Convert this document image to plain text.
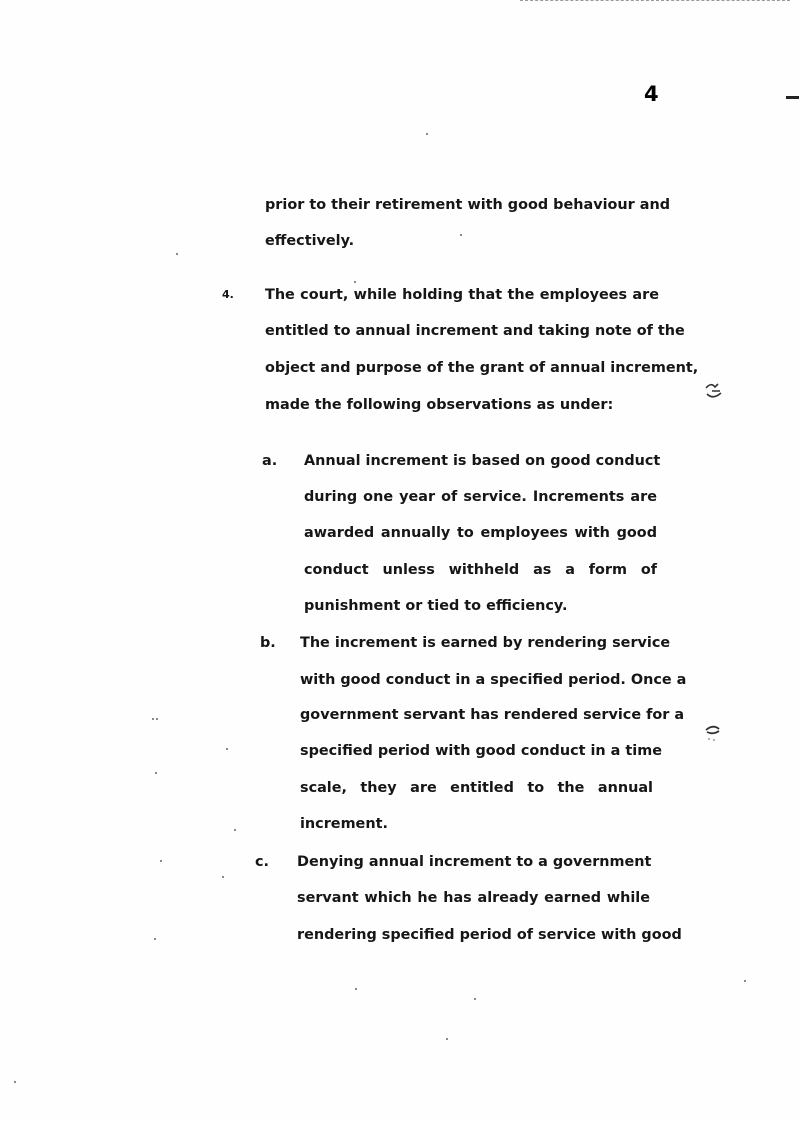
4
prior to their retirement with good behaviour and
effectively.
4. The court, while holding that the employees are
entitled to annual increment and taking note of the
object and purpose of the grant of annual increment,
made the following observations as under:
a. Annual increment is based on good conduct
during one year of service. Increments are
awarded annually to employees with good
conduct unless withheld as a form of
punishment or tied to efficiency.
b. The increment is earned by rendering service
with good conduct in a specified period. Once a
government servant has rendered service for a
specified period with good conduct in a time
scale, they are entitled to the annual
increment.
c. Denying annual increment to a government
servant which he has already earned while
rendering specified period of service with good
